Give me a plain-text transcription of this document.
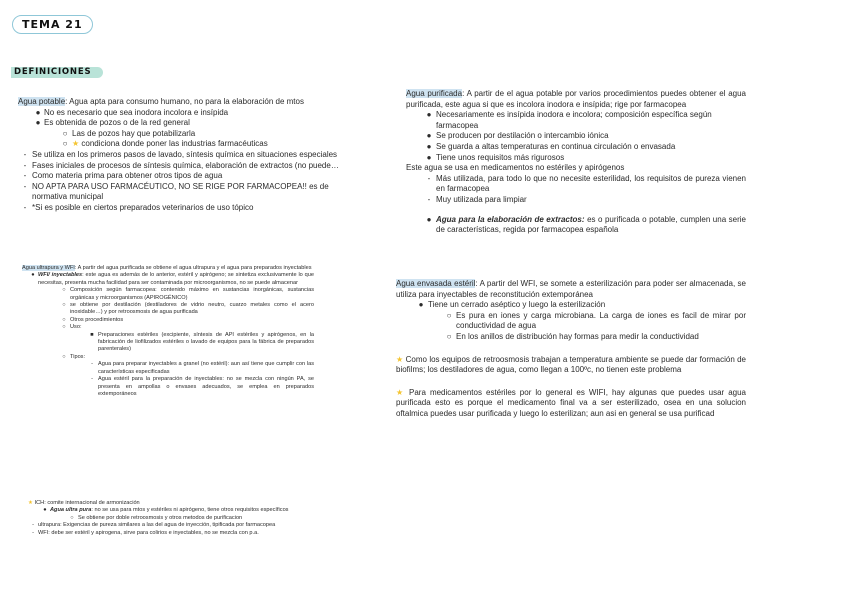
TEMA 21
DEFINICIONES

Agua potable: Agua apta para consumo humano, no para la elaboración de mtos

● No es necesario que sea inodora incolora e insípida
● Es obtenida de pozos o de la red general
○ Las de pozos hay que potabilizarla
○ ★ condiciona donde poner las industrias farmacéuticas
- Se utiliza en los primeros pasos de lavado, síntesis química en situaciones especiales
- Fases iniciales de procesos de síntesis química, elaboración de extractos (no puede…
- Como materia prima para obtener otros tipos de agua
- NO APTA PARA USO FARMACÉUTICO, NO SE RIGE POR FARMACOPEA!! es de normativa municipal
- *Si es posible en ciertos preparados veterinarios de uso tópico

Agua ultrapura y WFI: A partir del agua purificada se obtiene el agua ultrapura y el agua para preparados inyectables

● WFI/ inyectables: este agua es además de lo anterior, estéril y apirógeno; se sintetiza exclusivamente lo que necesitas, presenta mucha facilidad para ser contaminada por microorganismos, no se puede almacenar
○ Composición según farmacopea: contenido máximo en sustancias inorgánicas, sustancias orgánicas y microorganismos (APIROGÉNICO)
○ se obtiene por destilación (destiladores de vidrio neutro, cuarzo metales como el acero inoxidable…) y por retroosmosis de agua purificada
○ Otros procedimientos
○ Uso:
■ Preparaciones estériles (excipiente, síntesis de API estériles y apirógenos, en la fabricación de liofilizados estériles o lavado de equipos para la fábrica de preparados parenterales)
○ Tipos:
- Agua para preparar inyectables a granel (no estéril): aun así tiene que cumplir con las características especificadas
- Agua estéril para la preparación de inyectables: no se mezcla con ningún PA, se presenta en ampollas o envases adecuados, se emplea en preparados extemporáneos

★ ICH: comite internacional de armonización

● Agua ultra pura: no se usa para mtos y estériles ni apirógeno, tiene otros requisitos específicos
○ Se obtiene por doble retroosmosis y otros metodos de purificacion
- ultrapura: Exigencias de pureza similares a las del agua de inyección, tipificada por farmacopea
- WFI: debe ser estéril y apirogena, sirve para colirios e inyectables, no se mezcla con p.a.

Agua purificada: A partir de el agua potable por varios procedimientos puedes obtener el agua purificada, este agua si que es incolora inodora e insípida; rige por farmacopea

● Necesariamente es insípida inodora e incolora; composición específica según farmacopea
● Se producen por destilación o intercambio iónica
● Se guarda a altas temperaturas en continua circulación o envasada
● Tiene unos requisitos más rigurosos

Este agua se usa en medicamentos no estériles y apirógenos

- Más utilizada, para todo lo que no necesite esterilidad, los requisitos de pureza vienen en farmacopea
- Muy utilizada para limpiar
● Agua para la elaboración de extractos: es o purificada o potable, cumplen una serie de características, regida por farmacopea española

Agua envasada estéril: A partir del WFI, se somete a esterilización para poder ser almacenada, se utiliza para inyectables de reconstitución extemporánea

● Tiene un cerrado aséptico y luego la esterilización
○ Es pura en iones y carga microbiana. La carga de iones es facil de mirar por conductividad de agua
○ En los anillos de distribución hay formas para medir la conductividad

★ Como los equipos de retroosmosis trabajan a temperatura ambiente se puede dar formación de biofilms; los destiladores de agua, como llegan a 100ºc, no tienen este problema

★ Para medicamentos estériles por lo general es WIFI, hay algunas que puedes usar agua purificada esto es porque el medicamento final va a ser esterilizado, osea en una solucion oftalmica puedes usar purificada y luego lo esterilizan; aun asi en general se usa purificad
